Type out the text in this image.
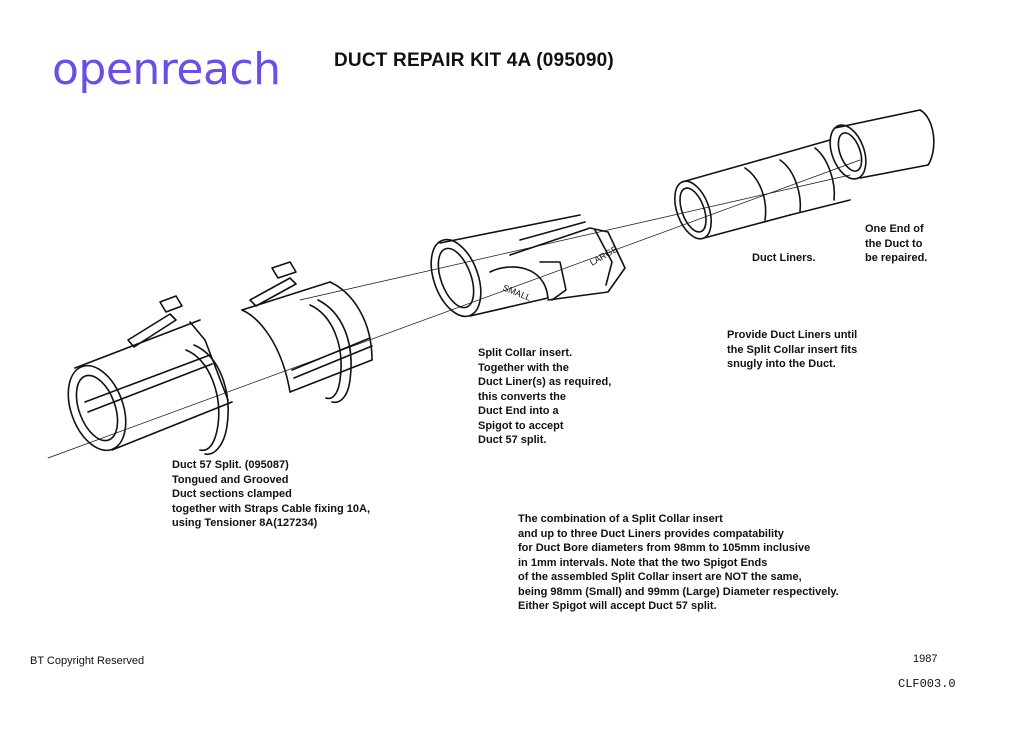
openreach	DUCT REPAIR KIT 4A (095090)
SMALL
LARGE
One End of
the Duct to
be repaired.
Duct Liners.
Provide Duct Liners until
the Split Collar insert fits
snugly into the Duct.
Split Collar insert.
Together with the
Duct Liner(s) as required,
this converts the
Duct End into a
Spigot to accept
Duct 57 split.
Duct 57 Split. (095087)
Tongued and Grooved
Duct sections clamped
together with Straps Cable fixing 10A,
using Tensioner 8A(127234)	The combination of a Split Collar insert
and up to three Duct Liners provides compatability
for Duct Bore diameters from 98mm to 105mm inclusive
in 1mm intervals. Note that the two Spigot Ends
of the assembled Split Collar insert are NOT the same,
being 98mm (Small) and 99mm (Large) Diameter respectively.
Either Spigot will accept Duct 57 split.
BT Copyright Reserved	1987
CLF003.0
